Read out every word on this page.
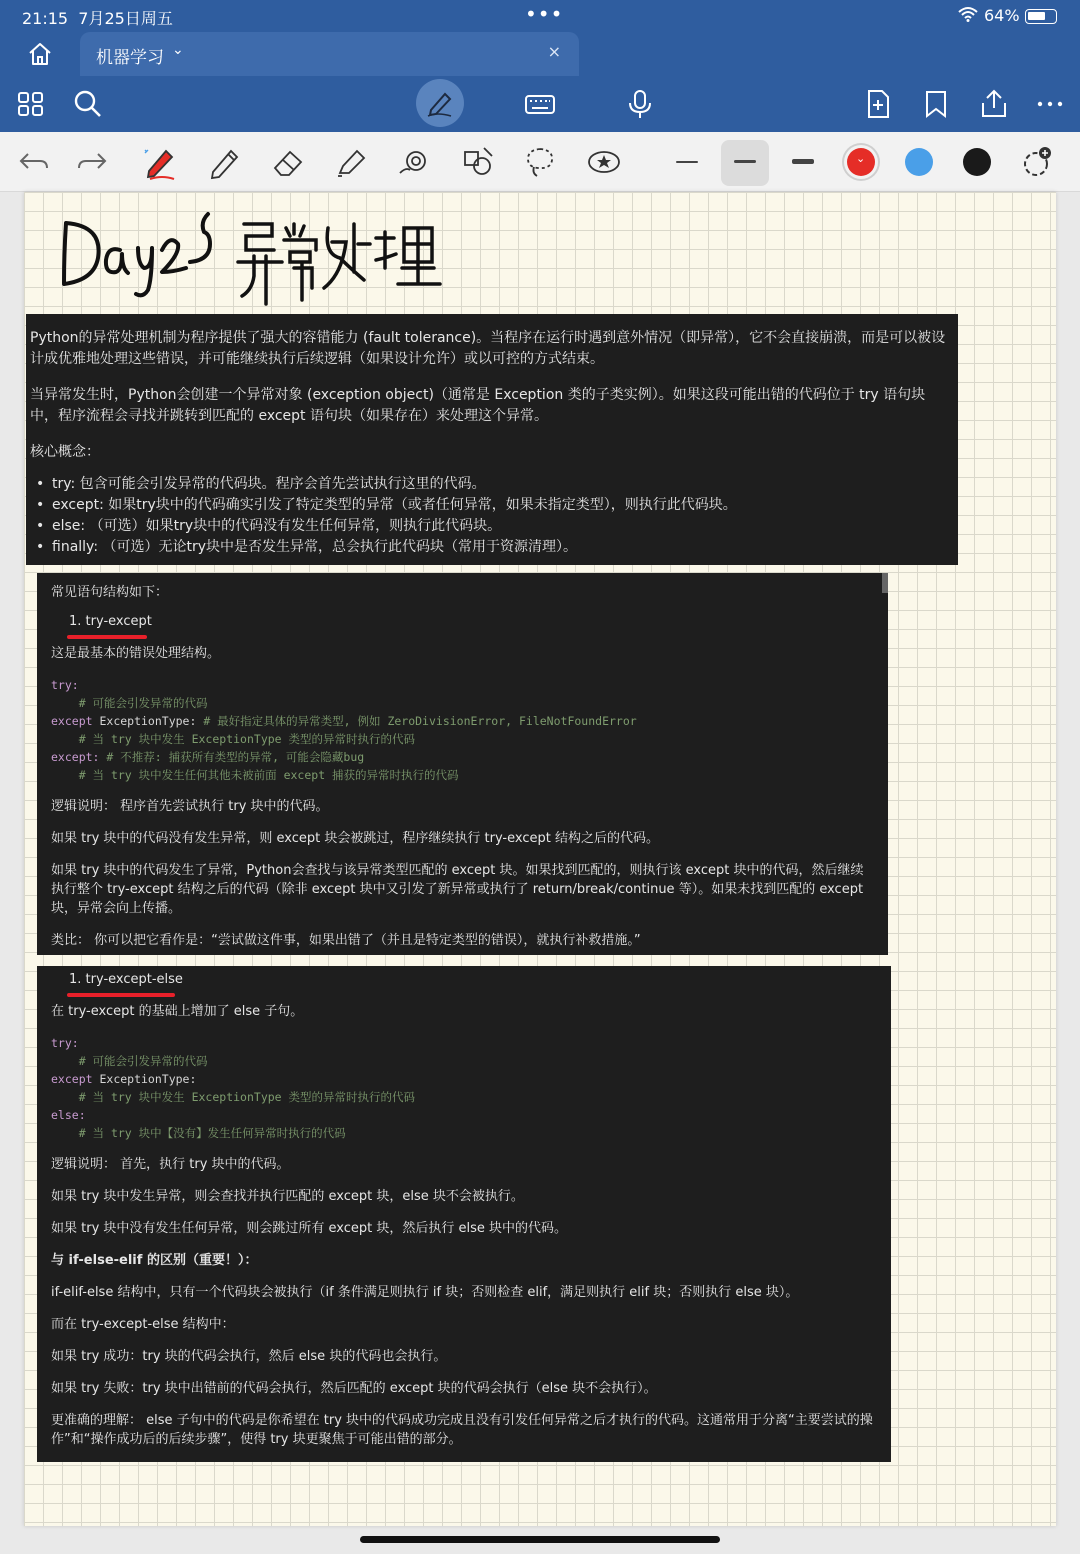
21:15 7月25日周五	•••	64%
机器学习 ⌄	×
⌄

Python的异常处理机制为程序提供了强大的容错能力 (fault tolerance)。当程序在运行时遇到意外情况（即异常），它不会直接崩溃，而是可以被设计成优雅地处理这些错误，并可能继续执行后续逻辑（如果设计允许）或以可控的方式结束。

当异常发生时，Python会创建一个异常对象 (exception object)（通常是 Exception 类的子类实例）。如果这段可能出错的代码位于 try 语句块中，程序流程会寻找并跳转到匹配的 except 语句块（如果存在）来处理这个异常。

核心概念：

• try: 包含可能会引发异常的代码块。程序会首先尝试执行这里的代码。
• except: 如果try块中的代码确实引发了特定类型的异常（或者任何异常，如果未指定类型），则执行此代码块。
• else: （可选）如果try块中的代码没有发生任何异常，则执行此代码块。
• finally: （可选）无论try块中是否发生异常，总会执行此代码块（常用于资源清理）。
常见语句结构如下：
1. try-except
这是最基本的错误处理结构。
try:
# 可能会引发异常的代码
except ExceptionType: # 最好指定具体的异常类型, 例如 ZeroDivisionError, FileNotFoundError
# 当 try 块中发生 ExceptionType 类型的异常时执行的代码
except: # 不推荐: 捕获所有类型的异常, 可能会隐藏bug
# 当 try 块中发生任何其他未被前面 except 捕获的异常时执行的代码
逻辑说明： 程序首先尝试执行 try 块中的代码。
如果 try 块中的代码没有发生异常，则 except 块会被跳过，程序继续执行 try-except 结构之后的代码。
如果 try 块中的代码发生了异常，Python会查找与该异常类型匹配的 except 块。如果找到匹配的，则执行该 except 块中的代码，然后继续执行整个 try-except 结构之后的代码（除非 except 块中又引发了新异常或执行了 return/break/continue 等）。如果未找到匹配的 except 块，异常会向上传播。
类比： 你可以把它看作是：“尝试做这件事，如果出错了（并且是特定类型的错误），就执行补救措施。”
1. try-except-else
在 try-except 的基础上增加了 else 子句。
try:
# 可能会引发异常的代码
except ExceptionType:
# 当 try 块中发生 ExceptionType 类型的异常时执行的代码
else:
# 当 try 块中【没有】发生任何异常时执行的代码
逻辑说明： 首先，执行 try 块中的代码。
如果 try 块中发生异常，则会查找并执行匹配的 except 块，else 块不会被执行。
如果 try 块中没有发生任何异常，则会跳过所有 except 块，然后执行 else 块中的代码。
与 if-else-elif 的区别（重要！）：
if-elif-else 结构中，只有一个代码块会被执行（if 条件满足则执行 if 块；否则检查 elif，满足则执行 elif 块；否则执行 else 块）。
而在 try-except-else 结构中：
如果 try 成功：try 块的代码会执行，然后 else 块的代码也会执行。
如果 try 失败：try 块中出错前的代码会执行，然后匹配的 except 块的代码会执行（else 块不会执行）。
更准确的理解： else 子句中的代码是你希望在 try 块中的代码成功完成且没有引发任何异常之后才执行的代码。这通常用于分离“主要尝试的操作”和“操作成功后的后续步骤”，使得 try 块更聚焦于可能出错的部分。
